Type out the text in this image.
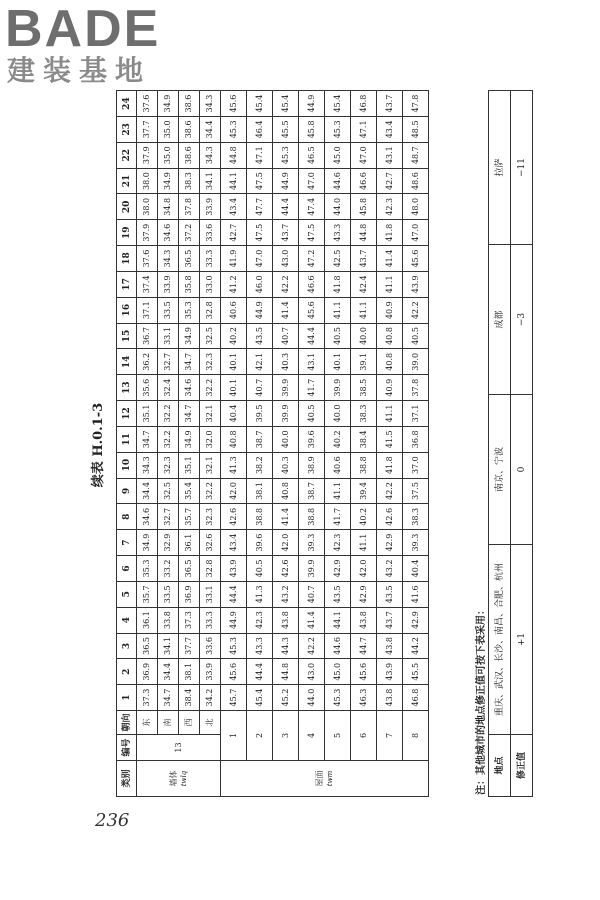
BADE
建装基地
236
续表 H.0.1-3
类别	编号	朝向	1	2	3	4	5	6	7	8	9	10	11	12	13	14	15	16	17	18	19	20	21	22	23	24

墙体 twlq	13	东	37.3	36.9	36.5	36.1	35.7	35.3	34.9	34.6	34.4	34.3	34.7	35.1	35.6	36.2	36.7	37.1	37.4	37.6	37.9	38.0	38.0	37.9	37.7	37.6
		南	34.7	34.4	34.1	33.8	33.5	33.2	32.9	32.7	32.5	32.3	32.2	32.2	32.4	32.7	33.1	33.5	33.9	34.3	34.6	34.8	34.9	35.0	35.0	34.9
		西	38.4	38.1	37.7	37.3	36.9	36.5	36.1	35.7	35.4	35.1	34.9	34.7	34.6	34.7	34.9	35.3	35.8	36.5	37.2	37.8	38.3	38.6	38.6	38.6
		北	34.2	33.9	33.6	33.3	33.1	32.8	32.6	32.3	32.2	32.1	32.0	32.1	32.2	32.3	32.5	32.8	33.0	33.3	33.6	33.9	34.1	34.3	34.4	34.3

屋面 twm	1		45.7	45.6	45.3	44.9	44.4	43.9	43.4	42.6	42.0	41.3	40.8	40.4	40.1	40.1	40.2	40.6	41.2	41.9	42.7	43.4	44.1	44.8	45.3	45.6
	2		45.4	44.4	43.3	42.3	41.3	40.5	39.6	38.8	38.1	38.2	38.7	39.5	40.7	42.1	43.5	44.9	46.0	47.0	47.5	47.7	47.5	47.1	46.4	45.4
	3		45.2	44.8	44.3	43.8	43.2	42.6	42.0	41.4	40.8	40.3	40.0	39.9	39.9	40.3	40.7	41.4	42.2	43.0	43.7	44.4	44.9	45.3	45.5	45.4
	4		44.0	43.0	42.2	41.4	40.7	39.9	39.3	38.8	38.7	38.9	39.6	40.5	41.7	43.1	44.4	45.6	46.6	47.2	47.5	47.4	47.0	46.5	45.8	44.9
	5		45.3	45.0	44.6	44.1	43.5	42.9	42.3	41.7	41.1	40.6	40.2	40.0	39.9	40.1	40.5	41.1	41.8	42.5	43.3	44.0	44.6	45.0	45.3	45.4
	6		46.3	45.6	44.7	43.8	42.9	42.0	41.1	40.2	39.4	38.8	38.4	38.3	38.5	39.1	40.0	41.1	42.4	43.7	44.8	45.8	46.6	47.0	47.1	46.8
	7		43.8	43.9	43.8	43.7	43.5	43.2	42.9	42.6	42.2	41.8	41.5	41.1	40.9	40.8	40.8	40.9	41.1	41.4	41.8	42.3	42.7	43.1	43.4	43.7
	8		46.8	45.5	44.2	42.9	41.6	40.4	39.3	38.3	37.5	37.0	36.8	37.1	37.8	39.0	40.5	42.2	43.9	45.6	47.0	48.0	48.6	48.7	48.5	47.8
注：其他城市的地点修正值可按下表采用： 地点	重庆、武汉、长沙、南昌、合肥、杭州	南京、宁波	成都	拉萨
修正值	+1	0	−3	−11
